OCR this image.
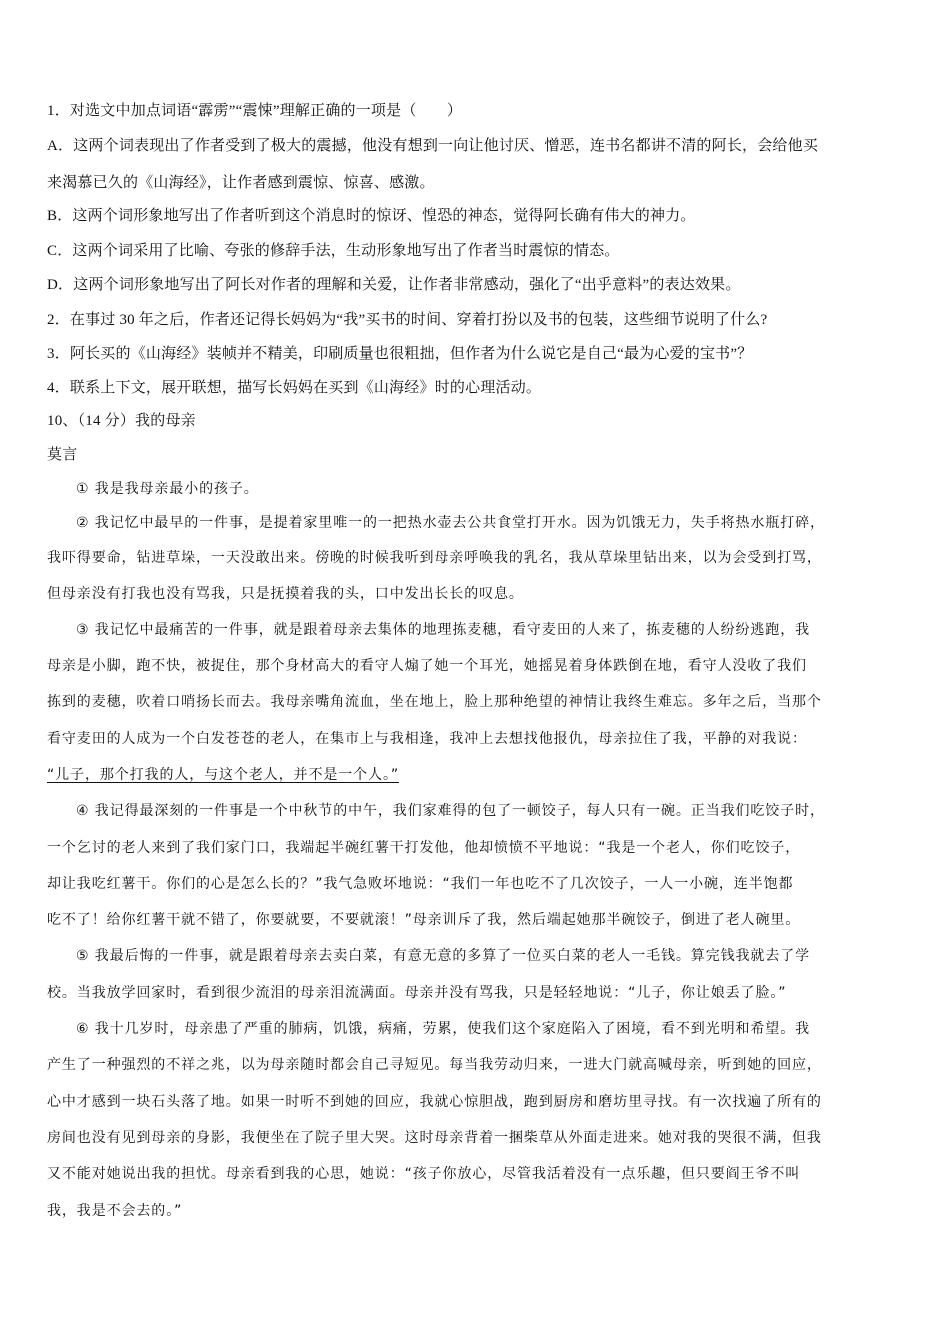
1．对选文中加点词语“霹雳”“震悚”理解正确的一项是（　　）

A．这两个词表现出了作者受到了极大的震撼，他没有想到一向让他讨厌、憎恶，连书名都讲不清的阿长，会给他买

来渴慕已久的《山海经》，让作者感到震惊、惊喜、感激。

B．这两个词形象地写出了作者听到这个消息时的惊讶、惶恐的神态，觉得阿长确有伟大的神力。

C．这两个词采用了比喻、夸张的修辞手法，生动形象地写出了作者当时震惊的情态。

D．这两个词形象地写出了阿长对作者的理解和关爱，让作者非常感动，强化了“出乎意料”的表达效果。

2．在事过 30 年之后，作者还记得长妈妈为“我”买书的时间、穿着打扮以及书的包装，这些细节说明了什么?

3．阿长买的《山海经》装帧并不精美，印刷质量也很粗拙，但作者为什么说它是自己“最为心爱的宝书”？

4．联系上下文，展开联想，描写长妈妈在买到《山海经》时的心理活动。

10、（14 分）我的母亲

莫言

① 我是我母亲最小的孩子。

② 我记忆中最早的一件事，是提着家里唯一的一把热水壶去公共食堂打开水。因为饥饿无力，失手将热水瓶打碎，

我吓得要命，钻进草垛，一天没敢出来。傍晚的时候我听到母亲呼唤我的乳名，我从草垛里钻出来，以为会受到打骂，

但母亲没有打我也没有骂我，只是抚摸着我的头，口中发出长长的叹息。

③ 我记忆中最痛苦的一件事，就是跟着母亲去集体的地理拣麦穗，看守麦田的人来了，拣麦穗的人纷纷逃跑，我

母亲是小脚，跑不快，被捉住，那个身材高大的看守人煽了她一个耳光，她摇晃着身体跌倒在地，看守人没收了我们

拣到的麦穗，吹着口哨扬长而去。我母亲嘴角流血，坐在地上，脸上那种绝望的神情让我终生难忘。多年之后，当那个

看守麦田的人成为一个白发苍苍的老人，在集市上与我相逢，我冲上去想找他报仇，母亲拉住了我，平静的对我说：

“儿子，那个打我的人，与这个老人，并不是一个人。”

④ 我记得最深刻的一件事是一个中秋节的中午，我们家难得的包了一顿饺子，每人只有一碗。正当我们吃饺子时，

一个乞讨的老人来到了我们家门口，我端起半碗红薯干打发他，他却愤愤不平地说：“我是一个老人，你们吃饺子，

却让我吃红薯干。你们的心是怎么长的？”我气急败坏地说：“我们一年也吃不了几次饺子，一人一小碗，连半饱都

吃不了！给你红薯干就不错了，你要就要，不要就滚！”母亲训斥了我，然后端起她那半碗饺子，倒进了老人碗里。

⑤ 我最后悔的一件事，就是跟着母亲去卖白菜，有意无意的多算了一位买白菜的老人一毛钱。算完钱我就去了学

校。当我放学回家时，看到很少流泪的母亲泪流满面。母亲并没有骂我，只是轻轻地说：“儿子，你让娘丢了脸。”

⑥ 我十几岁时，母亲患了严重的肺病，饥饿，病痛，劳累，使我们这个家庭陷入了困境，看不到光明和希望。我

产生了一种强烈的不祥之兆，以为母亲随时都会自己寻短见。每当我劳动归来，一进大门就高喊母亲，听到她的回应，

心中才感到一块石头落了地。如果一时听不到她的回应，我就心惊胆战，跑到厨房和磨坊里寻找。有一次找遍了所有的

房间也没有见到母亲的身影，我便坐在了院子里大哭。这时母亲背着一捆柴草从外面走进来。她对我的哭很不满，但我

又不能对她说出我的担忧。母亲看到我的心思，她说：“孩子你放心，尽管我活着没有一点乐趣，但只要阎王爷不叫

我，我是不会去的。”
